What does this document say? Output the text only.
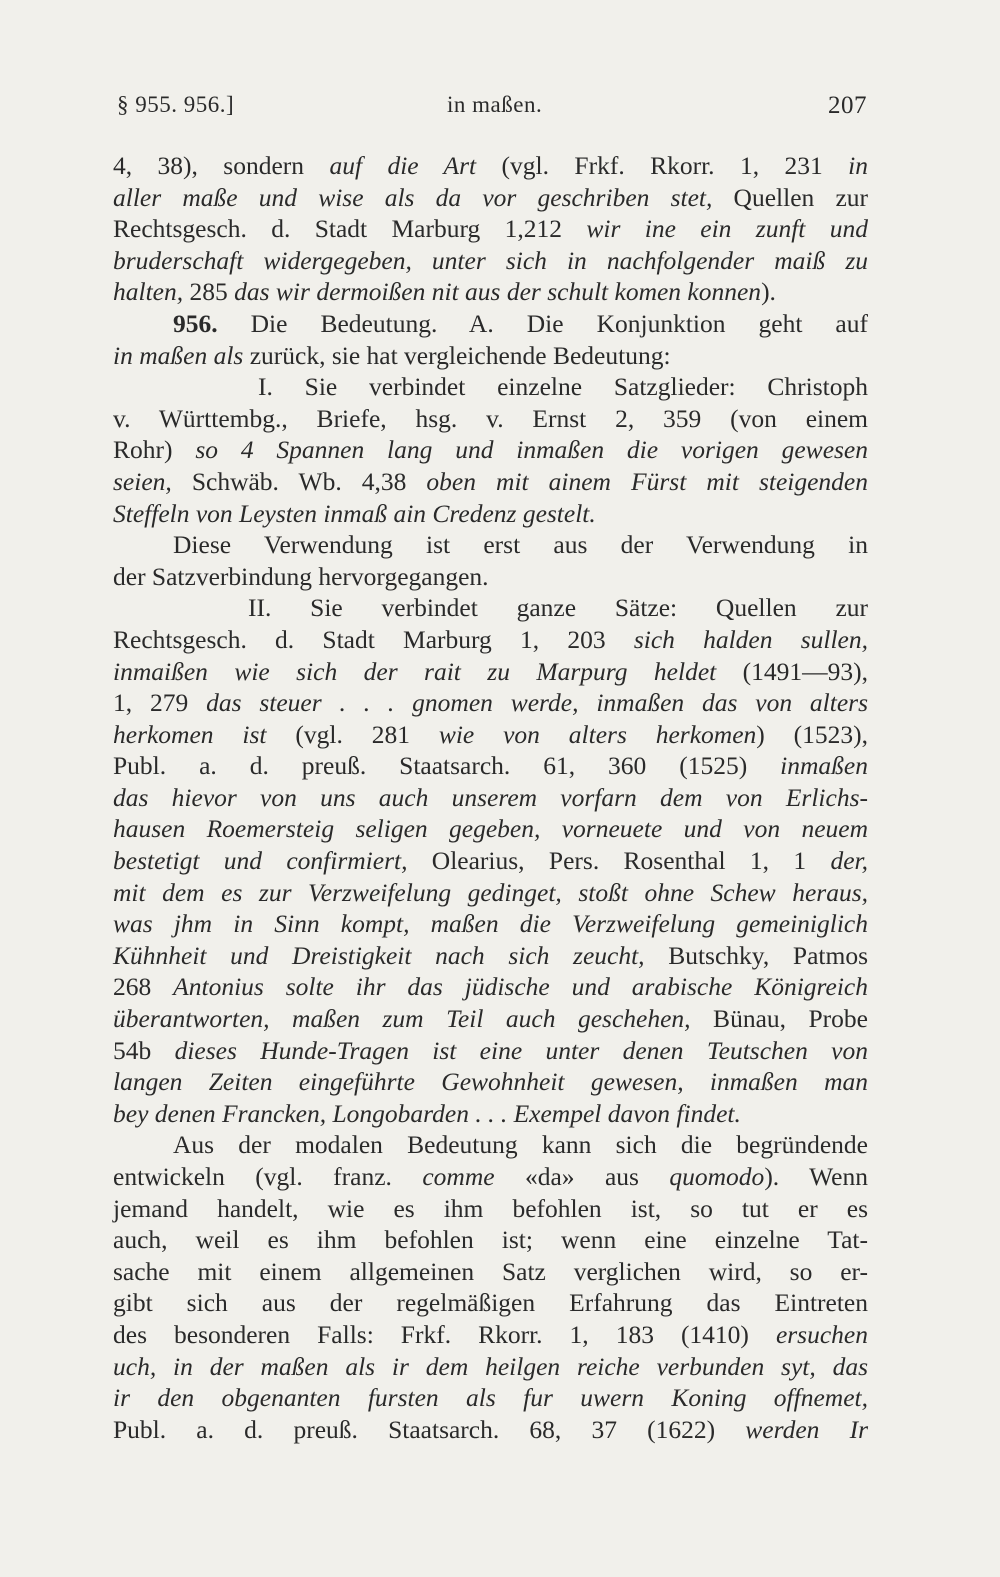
§ 955. 956.]	in maßen.	207
4, 38), sondern auf die Art (vgl. Frkf. Rkorr. 1, 231 in
aller maße und wise als da vor geschriben stet, Quellen zur
Rechtsgesch. d. Stadt Marburg 1,212 wir ine ein zunft und
bruderschaft widergegeben, unter sich in nachfolgender maiß zu
halten, 285 das wir dermoißen nit aus der schult komen konnen).
956. Die Bedeutung. A. Die Konjunktion geht auf
in maßen als zurück, sie hat vergleichende Bedeutung:
I. Sie verbindet einzelne Satzglieder: Christoph
v. Württembg., Briefe, hsg. v. Ernst 2, 359 (von einem
Rohr) so 4 Spannen lang und inmaßen die vorigen gewesen
seien, Schwäb. Wb. 4,38 oben mit ainem Fürst mit steigenden
Steffeln von Leysten inmaß ain Credenz gestelt.
Diese Verwendung ist erst aus der Verwendung in
der Satzverbindung hervorgegangen.
II. Sie verbindet ganze Sätze: Quellen zur
Rechtsgesch. d. Stadt Marburg 1, 203 sich halden sullen,
inmaißen wie sich der rait zu Marpurg heldet (1491—93),
1, 279 das steuer . . . gnomen werde, inmaßen das von alters
herkomen ist (vgl. 281 wie von alters herkomen) (1523),
Publ. a. d. preuß. Staatsarch. 61, 360 (1525) inmaßen
das hievor von uns auch unserem vorfarn dem von Erlichs-
hausen Roemersteig seligen gegeben, vorneuete und von neuem
bestetigt und confirmiert, Olearius, Pers. Rosenthal 1, 1 der,
mit dem es zur Verzweifelung gedinget, stoßt ohne Schew heraus,
was jhm in Sinn kompt, maßen die Verzweifelung gemeiniglich
Kühnheit und Dreistigkeit nach sich zeucht, Butschky, Patmos
268 Antonius solte ihr das jüdische und arabische Königreich
überantworten, maßen zum Teil auch geschehen, Bünau, Probe
54b dieses Hunde-Tragen ist eine unter denen Teutschen von
langen Zeiten eingeführte Gewohnheit gewesen, inmaßen man
bey denen Francken, Longobarden . . . Exempel davon findet.
Aus der modalen Bedeutung kann sich die begründende
entwickeln (vgl. franz. comme «da» aus quomodo). Wenn
jemand handelt, wie es ihm befohlen ist, so tut er es
auch, weil es ihm befohlen ist; wenn eine einzelne Tat-
sache mit einem allgemeinen Satz verglichen wird, so er-
gibt sich aus der regelmäßigen Erfahrung das Eintreten
des besonderen Falls: Frkf. Rkorr. 1, 183 (1410) ersuchen
uch, in der maßen als ir dem heilgen reiche verbunden syt, das
ir den obgenanten fursten als fur uwern Koning offnemet,
Publ. a. d. preuß. Staatsarch. 68, 37 (1622) werden Ir
